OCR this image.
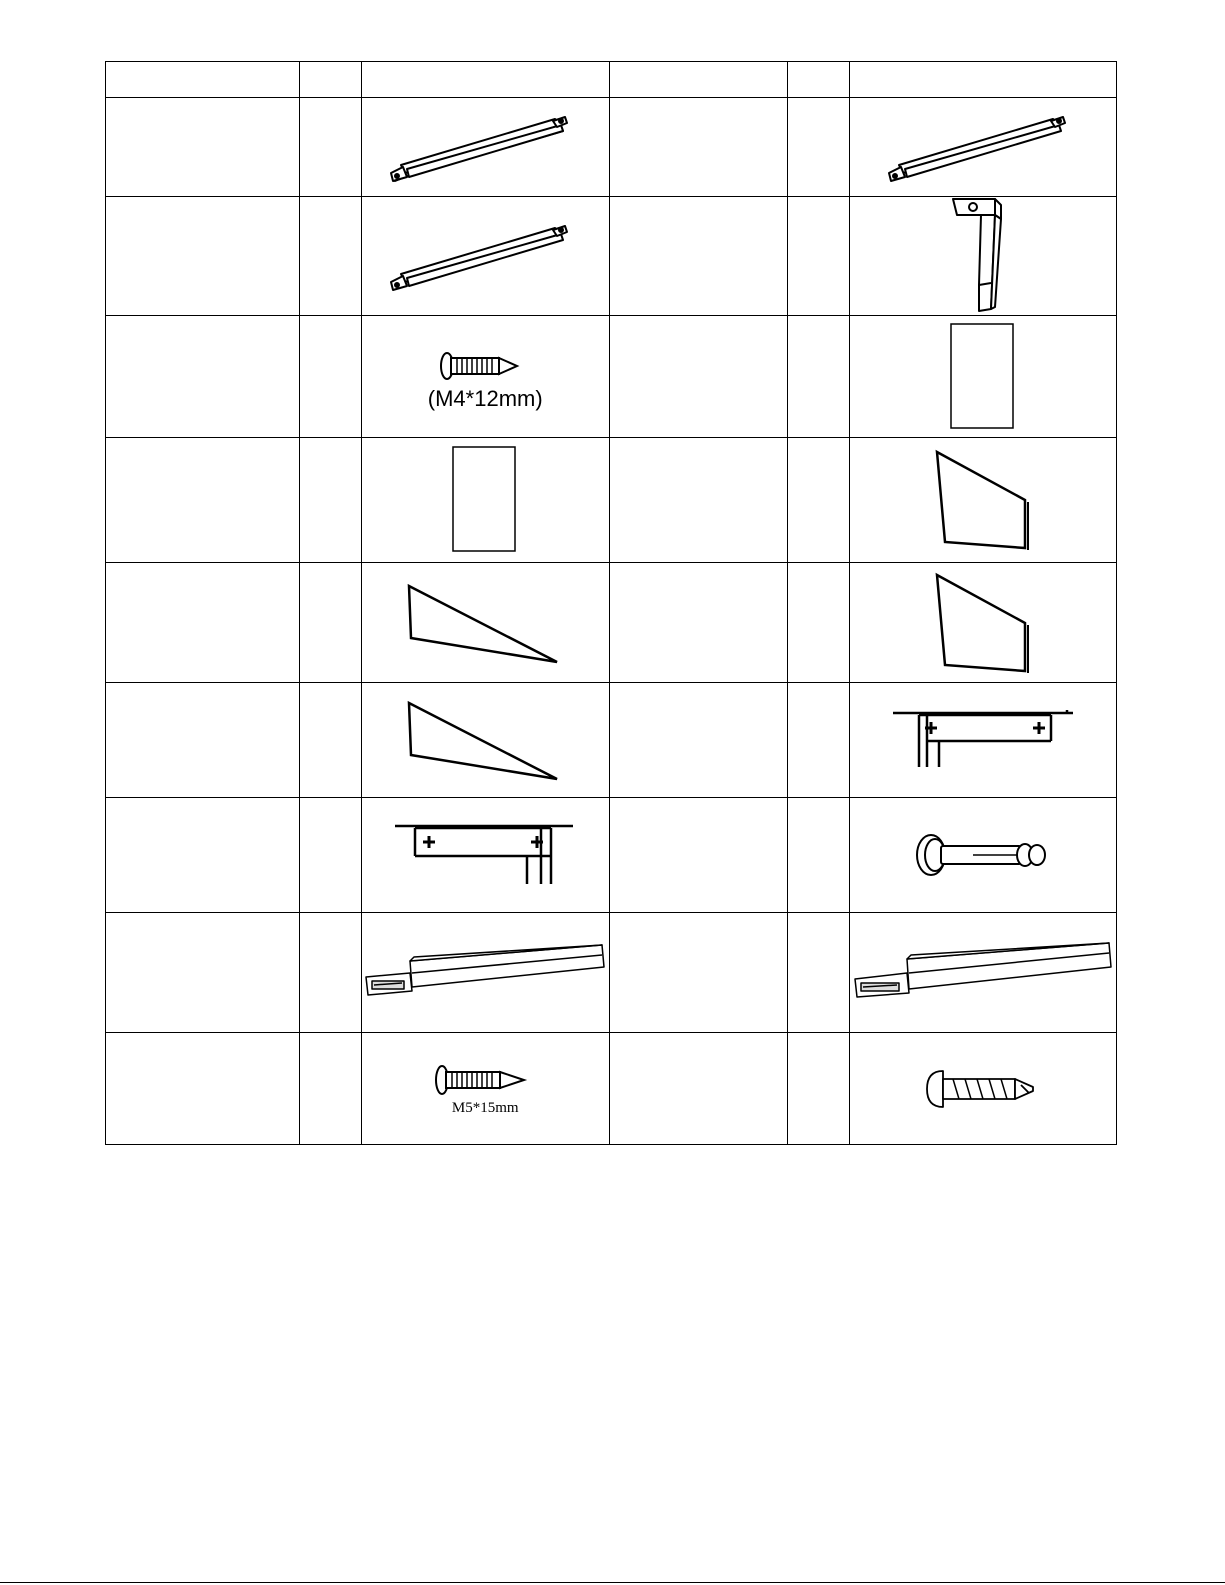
		(M4*12mm)

		M5*15mm
